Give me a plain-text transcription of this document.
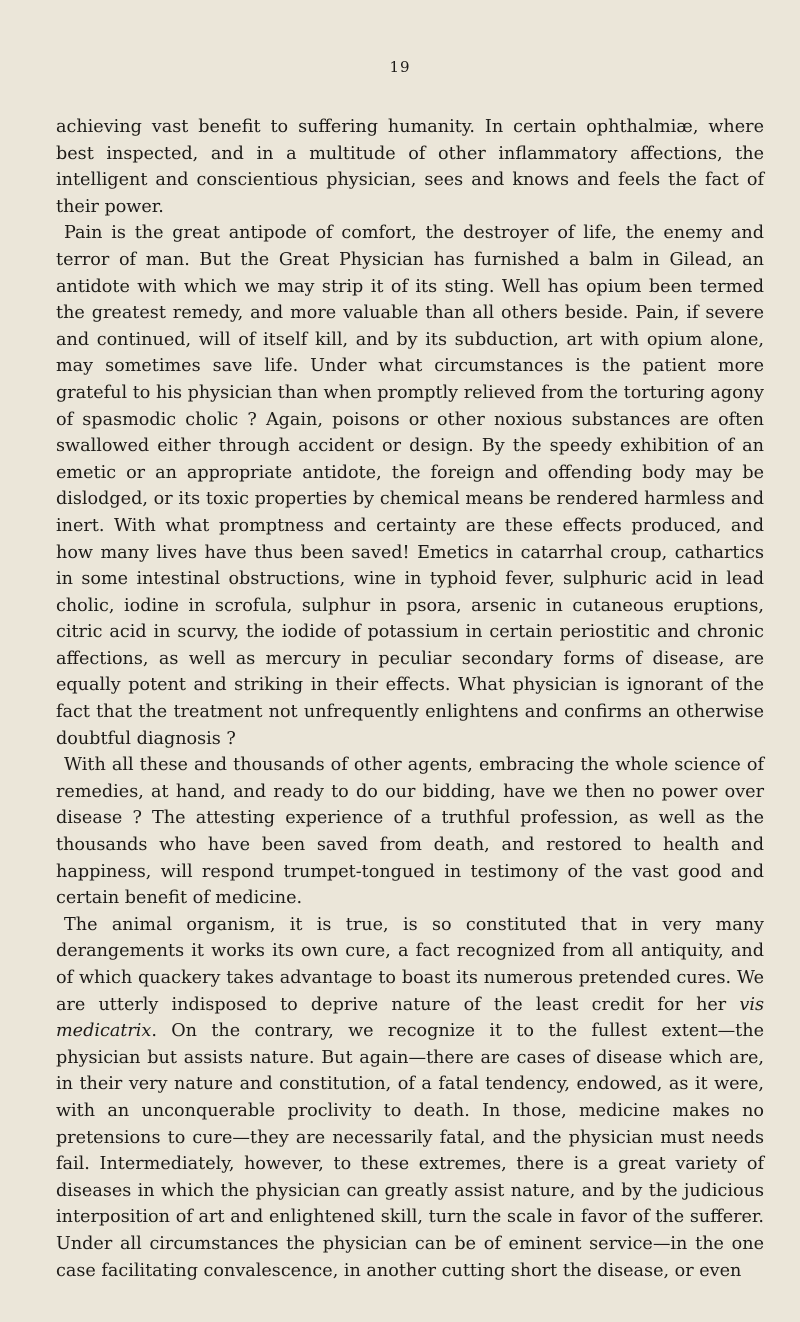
19

achieving vast benefit to suffering humanity. In certain ophthalmiæ, where best inspected, and in a multitude of other inflammatory affections, the intelligent and conscientious physician, sees and knows and feels the fact of their power.

Pain is the great antipode of comfort, the destroyer of life, the enemy and terror of man. But the Great Physician has furnished a balm in Gilead, an antidote with which we may strip it of its sting. Well has opium been termed the greatest remedy, and more valuable than all others beside. Pain, if severe and continued, will of itself kill, and by its subduction, art with opium alone, may sometimes save life. Under what circumstances is the patient more grateful to his physician than when promptly relieved from the torturing agony of spasmodic cholic ? Again, poisons or other noxious substances are often swallowed either through accident or design. By the speedy exhibition of an emetic or an appropriate antidote, the foreign and offending body may be dislodged, or its toxic properties by chemical means be rendered harmless and inert. With what promptness and certainty are these effects produced, and how many lives have thus been saved! Emetics in catarrhal croup, cathartics in some intestinal obstructions, wine in typhoid fever, sulphuric acid in lead cholic, iodine in scrofula, sulphur in psora, arsenic in cutaneous eruptions, citric acid in scurvy, the iodide of potassium in certain periostitic and chronic affections, as well as mercury in peculiar secondary forms of disease, are equally potent and striking in their effects. What physician is ignorant of the fact that the treatment not unfrequently enlightens and confirms an otherwise doubtful diagnosis ?

With all these and thousands of other agents, embracing the whole science of remedies, at hand, and ready to do our bidding, have we then no power over disease ? The attesting experience of a truthful profession, as well as the thousands who have been saved from death, and restored to health and happiness, will respond trumpet-tongued in testimony of the vast good and certain benefit of medicine.

The animal organism, it is true, is so constituted that in very many derangements it works its own cure, a fact recognized from all antiquity, and of which quackery takes advantage to boast its numerous pretended cures. We are utterly indisposed to deprive nature of the least credit for her vis medicatrix. On the contrary, we recognize it to the fullest extent—the physician but assists nature. But again—there are cases of disease which are, in their very nature and constitution, of a fatal tendency, endowed, as it were, with an unconquerable proclivity to death. In those, medicine makes no pretensions to cure—they are necessarily fatal, and the physician must needs fail. Intermediately, however, to these extremes, there is a great variety of diseases in which the physician can greatly assist nature, and by the judicious interposition of art and enlightened skill, turn the scale in favor of the sufferer. Under all circumstances the physician can be of eminent service—in the one case facilitating convalescence, in another cutting short the disease, or even
